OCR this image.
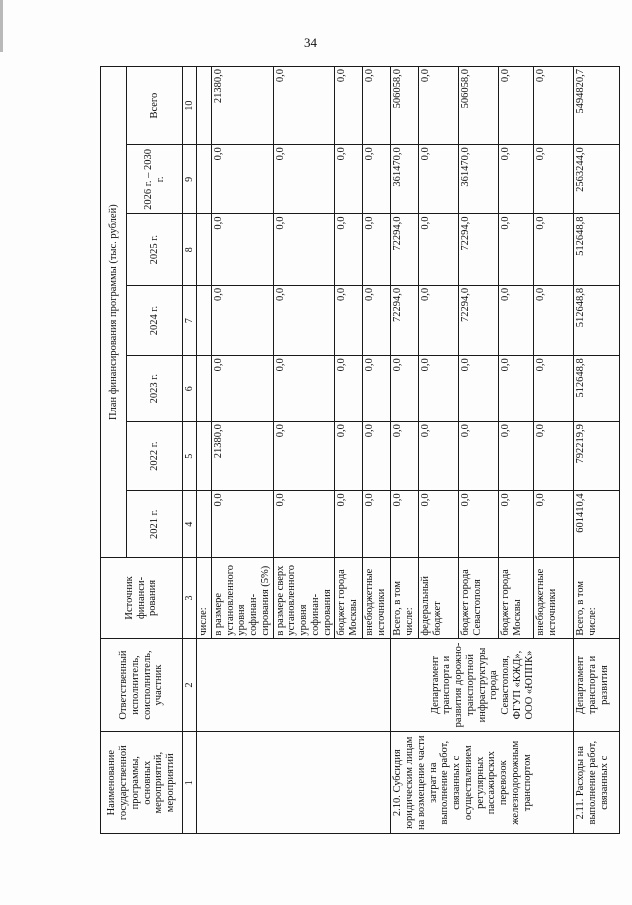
34
Наименование государственной программы, основных мероприятий, мероприятий	Ответственный исполнитель, соисполнитель, участник	Источник финанси-рования	План финансирования программы (тыс. рублей)						
			2021 г.	2022 г.	2023 г.	2024 г.	2025 г.	2026 г. – 2030 г.	Всего
1	2	3	4	5	6	7	8	9	10
		числе:							
		в размере установленного уровня софинан-сирования (5%)	0,0	21380,0	0,0	0,0	0,0	0,0	21380,0
		в размере сверх установленного уровня софинан-сирования	0,0	0,0	0,0	0,0	0,0	0,0	0,0
		бюджет города Москвы	0,0	0,0	0,0	0,0	0,0	0,0	0,0
		внебюджетные источники	0,0	0,0	0,0	0,0	0,0	0,0	0,0
2.10. Субсидия юридическим лицам на возмещение части затрат на выполнение работ, связанных с осуществлением регулярных пассажирских перевозок железнодорожным транспортом	Департамент транспорта и развития дорожно-транспортной инфраструктуры города Севастополя, ФГУП «КЖД», ООО «ЮППК»	Всего, в том числе:	0,0	0,0	0,0	72294,0	72294,0	361470,0	506058,0
		федеральный бюджет	0,0	0,0	0,0	0,0	0,0	0,0	0,0
		бюджет города Севастополя	0,0	0,0	0,0	72294,0	72294,0	361470,0	506058,0
		бюджет города Москвы	0,0	0,0	0,0	0,0	0,0	0,0	0,0
		внебюджетные источники	0,0	0,0	0,0	0,0	0,0	0,0	0,0
2.11. Расходы на выполнение работ, связанных с	Департамент транспорта и развития	Всего, в том числе:	601410,4	792219,9	512648,8	512648,8	512648,8	2563244,0	5494820,7
